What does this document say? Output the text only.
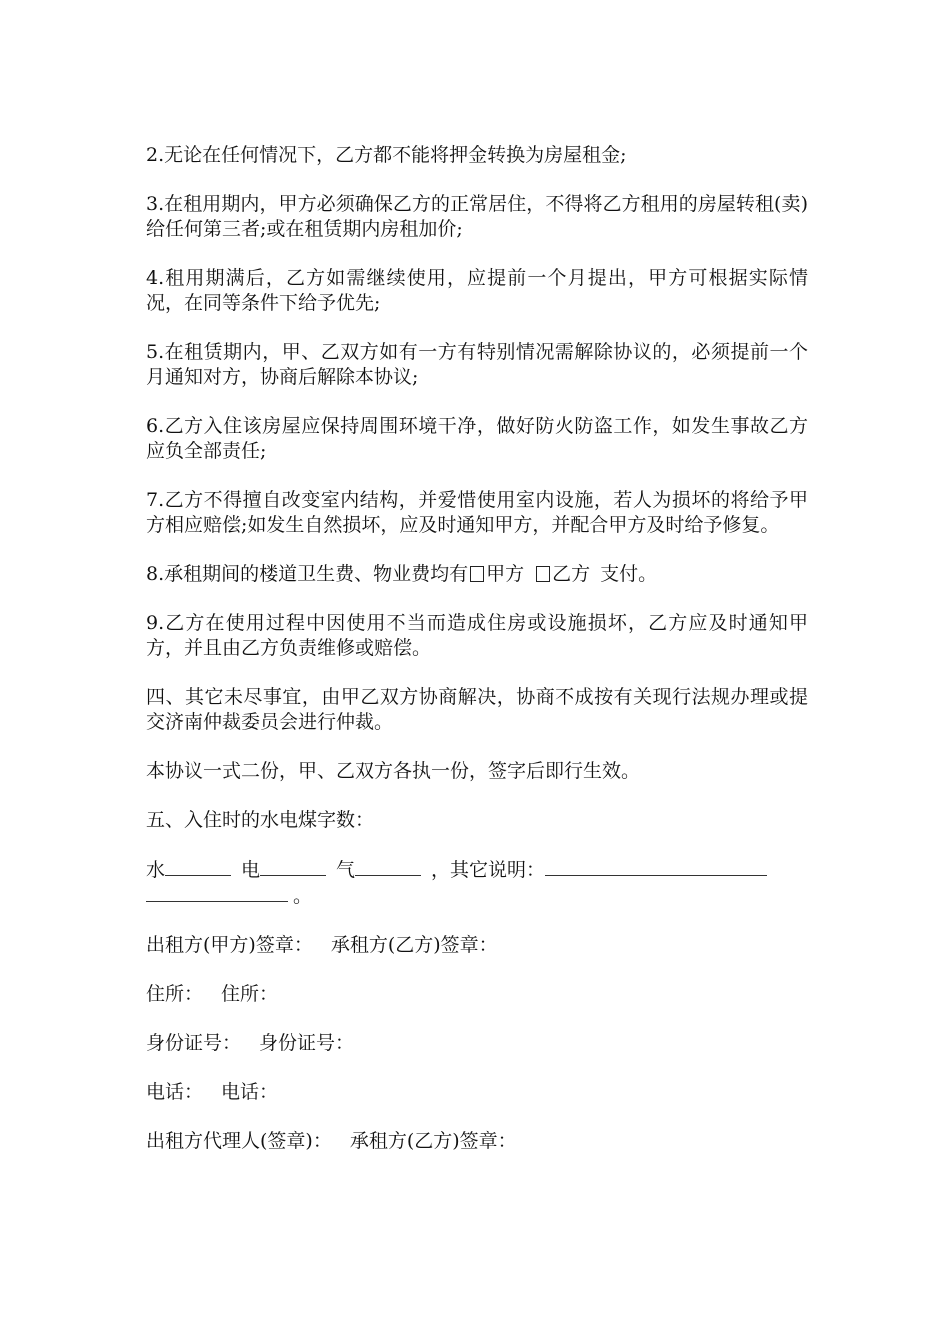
2.无论在任何情况下，乙方都不能将押金转换为房屋租金;

3.在租用期内，甲方必须确保乙方的正常居住，不得将乙方租用的房屋转租(卖)给任何第三者;或在租赁期内房租加价;

4.租用期满后，乙方如需继续使用，应提前一个月提出，甲方可根据实际情况，在同等条件下给予优先;

5.在租赁期内，甲、乙双方如有一方有特别情况需解除协议的，必须提前一个月通知对方，协商后解除本协议;

6.乙方入住该房屋应保持周围环境干净，做好防火防盗工作，如发生事故乙方应负全部责任;

7.乙方不得擅自改变室内结构，并爱惜使用室内设施，若人为损坏的将给予甲方相应赔偿;如发生自然损坏，应及时通知甲方，并配合甲方及时给予修复。

8.承租期间的楼道卫生费、物业费均有 甲方 乙方 支付。

9.乙方在使用过程中因使用不当而造成住房或设施损坏，乙方应及时通知甲方，并且由乙方负责维修或赔偿。

四、其它未尽事宜，由甲乙双方协商解决，协商不成按有关现行法规办理或提交济南仲裁委员会进行仲裁。

本协议一式二份，甲、乙双方各执一份，签字后即行生效。

五、入住时的水电煤字数：

水	电	气	，其它说明：
。

出租方(甲方)签章： 承租方(乙方)签章：

住所： 住所：

身份证号： 身份证号：

电话： 电话：

出租方代理人(签章)： 承租方(乙方)签章：
